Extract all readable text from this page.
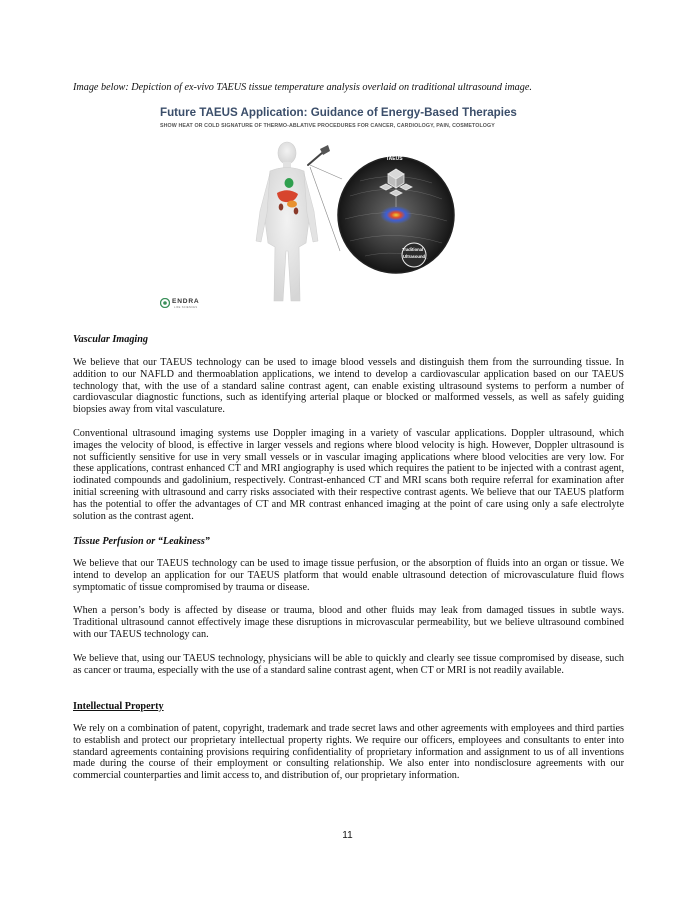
Image below: Depiction of ex-vivo TAEUS tissue temperature analysis overlaid on traditional ultrasound image.
Future TAEUS Application: Guidance of Energy-Based Therapies
SHOW HEAT OR COLD SIGNATURE OF THERMO-ABLATIVE PROCEDURES FOR CANCER, CARDIOLOGY, PAIN, COSMETOLOGY
TAEUS
Traditional
Ultrasound
ENDRA
LIFE SCIENCES
Vascular Imaging
We believe that our TAEUS technology can be used to image blood vessels and distinguish them from the surrounding tissue. In addition to our NAFLD and thermoablation applications, we intend to develop a cardiovascular application based on our TAEUS technology that, with the use of a standard saline contrast agent, can enable existing ultrasound systems to perform a number of cardiovascular diagnostic functions, such as identifying arterial plaque or blocked or malformed vessels, as well as safely guiding biopsies away from vital vasculature.
Conventional ultrasound imaging systems use Doppler imaging in a variety of vascular applications. Doppler ultrasound, which images the velocity of blood, is effective in larger vessels and regions where blood velocity is high. However, Doppler ultrasound is not sufficiently sensitive for use in very small vessels or in vascular imaging applications where blood velocities are very low. For these applications, contrast enhanced CT and MRI angiography is used which requires the patient to be injected with a contrast agent, iodinated compounds and gadolinium, respectively. Contrast-enhanced CT and MRI scans both require referral for examination after initial screening with ultrasound and carry risks associated with their respective contrast agents. We believe that our TAEUS platform has the potential to offer the advantages of CT and MR contrast enhanced imaging at the point of care using only a safe electrolyte solution as the contrast agent.
Tissue Perfusion or “Leakiness”
We believe that our TAEUS technology can be used to image tissue perfusion, or the absorption of fluids into an organ or tissue. We intend to develop an application for our TAEUS platform that would enable ultrasound detection of microvasculature fluid flows symptomatic of tissue compromised by trauma or disease.
When a person’s body is affected by disease or trauma, blood and other fluids may leak from damaged tissues in subtle ways. Traditional ultrasound cannot effectively image these disruptions in microvascular permeability, but we believe ultrasound combined with our TAEUS technology can.
We believe that, using our TAEUS technology, physicians will be able to quickly and clearly see tissue compromised by disease, such as cancer or trauma, especially with the use of a standard saline contrast agent, when CT or MRI is not readily available.
Intellectual Property
We rely on a combination of patent, copyright, trademark and trade secret laws and other agreements with employees and third parties to establish and protect our proprietary intellectual property rights. We require our officers, employees and consultants to enter into standard agreements containing provisions requiring confidentiality of proprietary information and assignment to us of all inventions made during the course of their employment or consulting relationship. We also enter into nondisclosure agreements with our commercial counterparties and limit access to, and distribution of, our proprietary information.
11
